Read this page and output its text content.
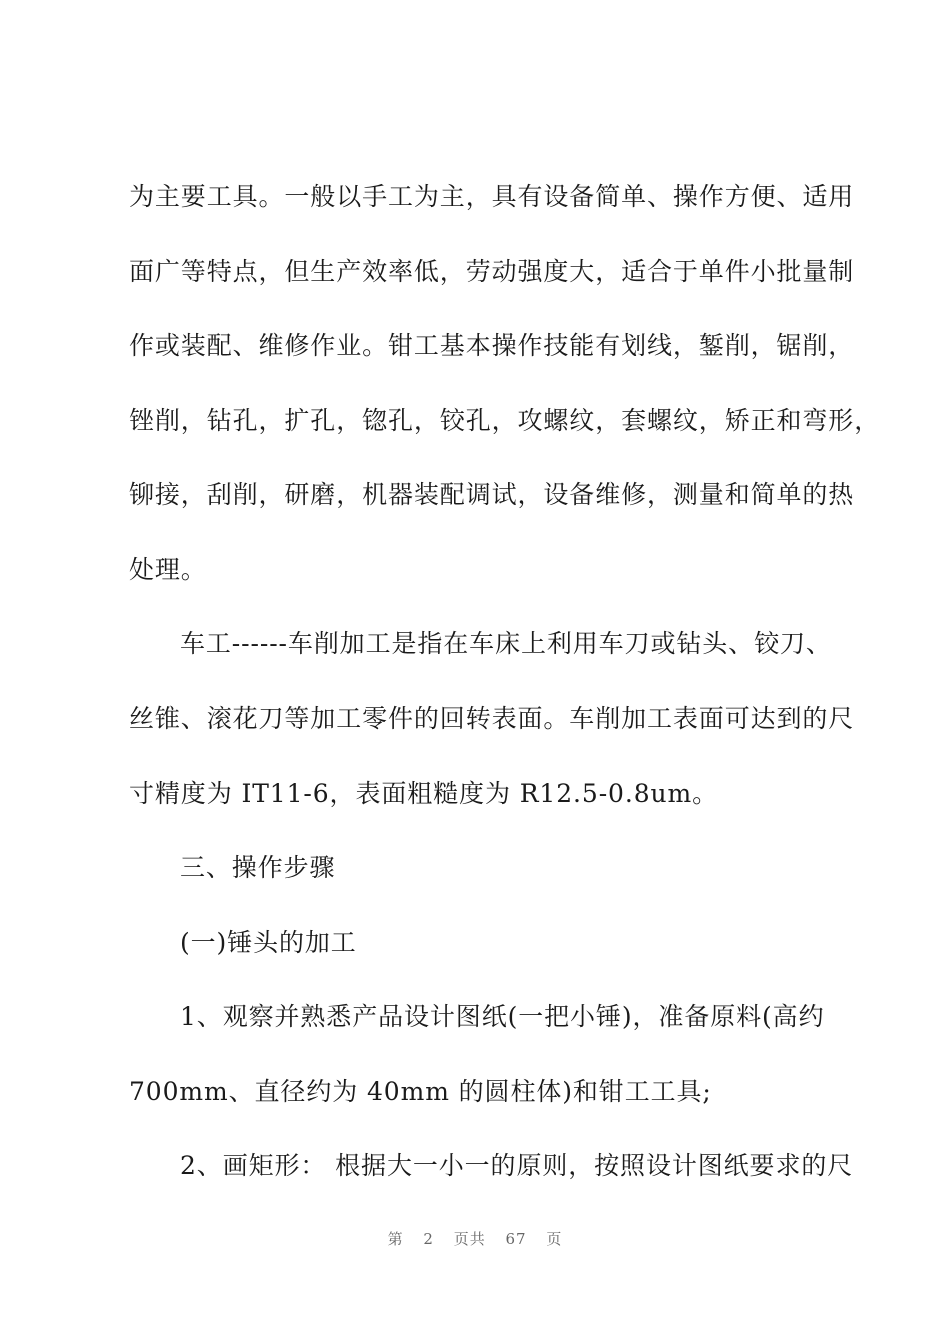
为主要工具。一般以手工为主，具有设备简单、操作方便、适用
面广等特点，但生产效率低，劳动强度大，适合于单件小批量制
作或装配、维修作业。钳工基本操作技能有划线，錾削，锯削，
锉削，钻孔，扩孔，锪孔，铰孔，攻螺纹，套螺纹，矫正和弯形，
铆接，刮削，研磨，机器装配调试，设备维修，测量和简单的热
处理。
车工------车削加工是指在车床上利用车刀或钻头、铰刀、
丝锥、滚花刀等加工零件的回转表面。车削加工表面可达到的尺
寸精度为 IT11-6，表面粗糙度为 R12.5-0.8um。
三、操作步骤
(一)锤头的加工
1、观察并熟悉产品设计图纸(一把小锤)，准备原料(高约
700mm、直径约为 40mm 的圆柱体)和钳工工具;
2、画矩形： 根据大一小一的原则，按照设计图纸要求的尺
第 2 页共 67 页
